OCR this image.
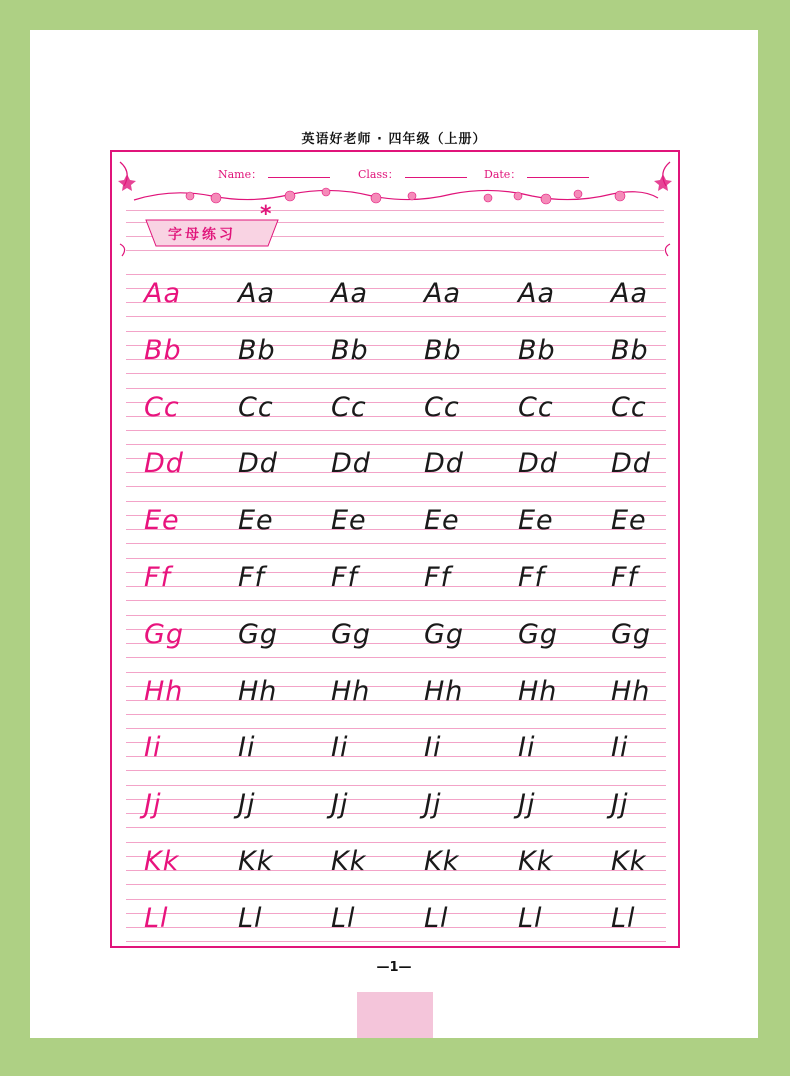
英语好老师 · 四年级（上册）
Name：	Class：	Date：
字母练习
*
Aa	Aa	Aa	Aa	Aa	Aa
Bb	Bb	Bb	Bb	Bb	Bb
Cc	Cc	Cc	Cc	Cc	Cc
Dd	Dd	Dd	Dd	Dd	Dd
Ee	Ee	Ee	Ee	Ee	Ee
Ff	Ff	Ff	Ff	Ff	Ff
Gg	Gg	Gg	Gg	Gg	Gg
Hh	Hh	Hh	Hh	Hh	Hh
Ii	Ii	Ii	Ii	Ii	Ii
Jj	Jj	Jj	Jj	Jj	Jj
Kk	Kk	Kk	Kk	Kk	Kk
Ll	Ll	Ll	Ll	Ll	Ll
—1—
